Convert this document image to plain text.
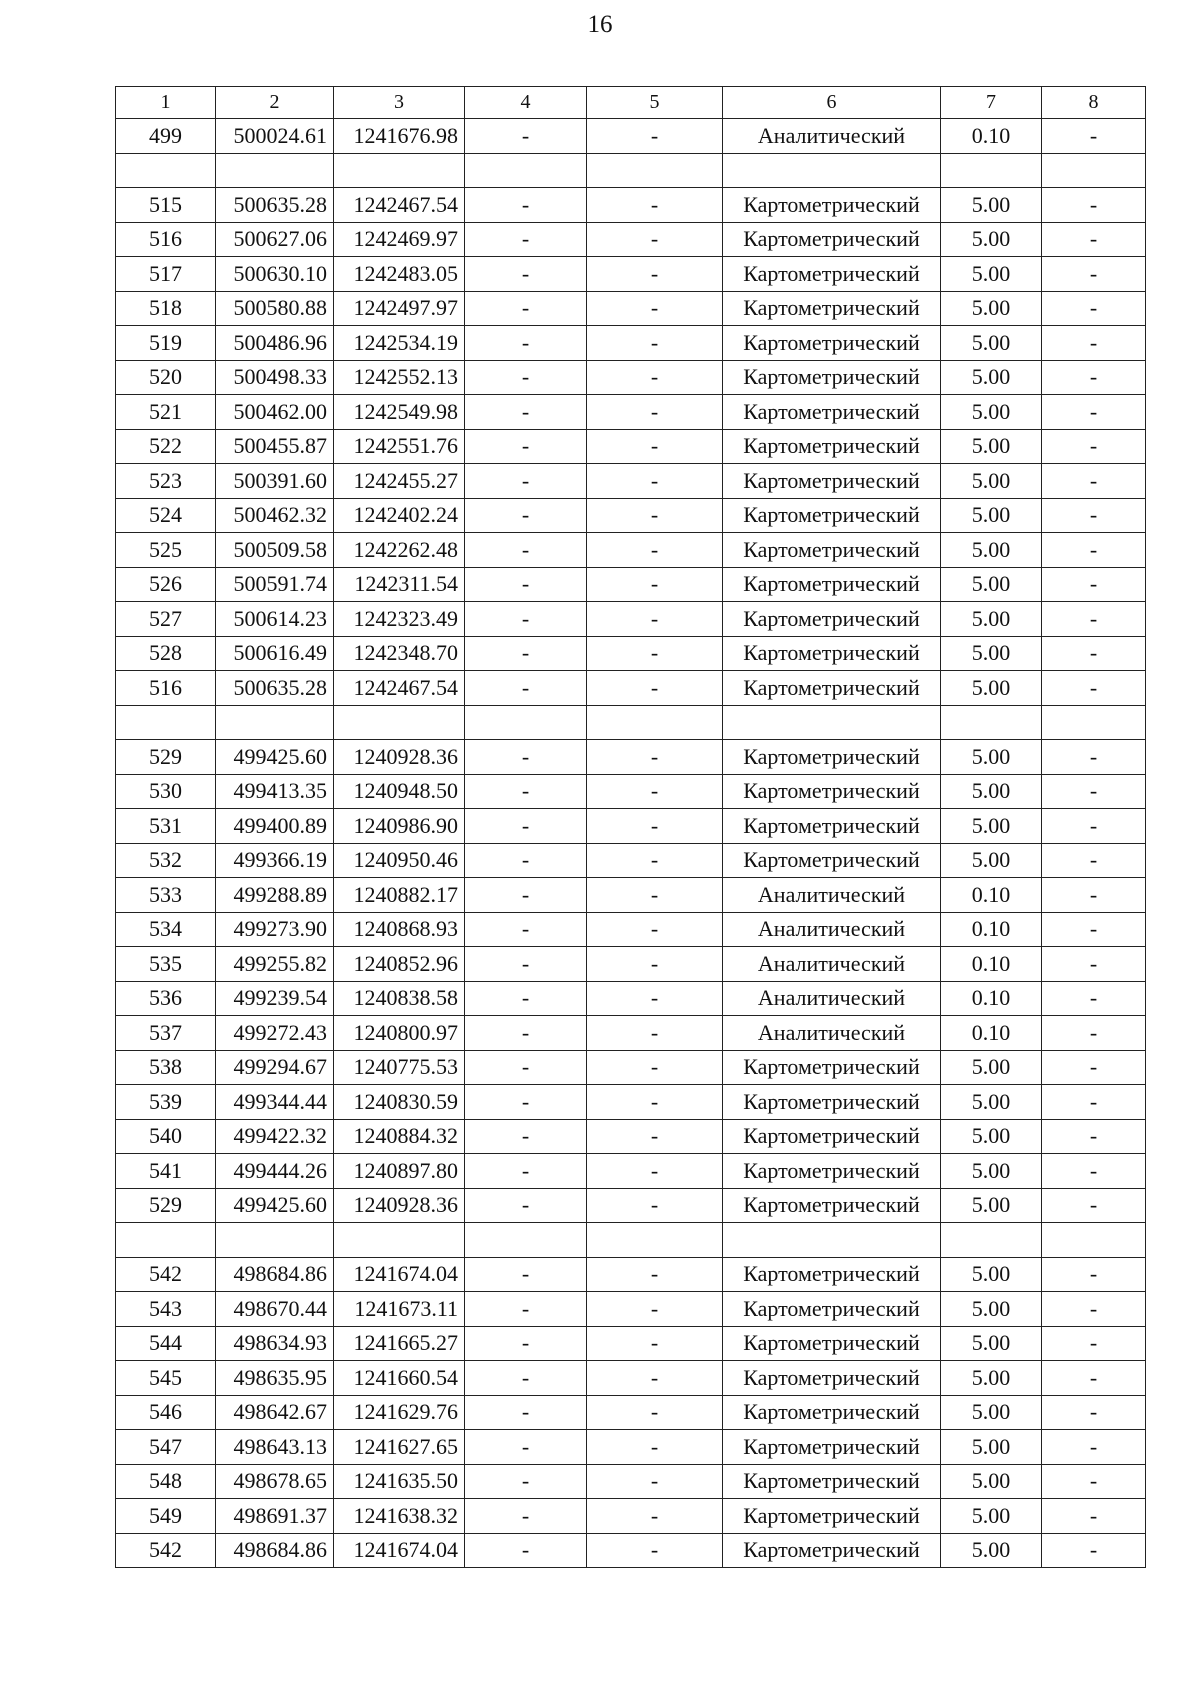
16
1	2	3	4	5	6	7	8
499	500024.61	1241676.98	-	-	Аналитический	0.10	-

515	500635.28	1242467.54	-	-	Картометрический	5.00	-
516	500627.06	1242469.97	-	-	Картометрический	5.00	-
517	500630.10	1242483.05	-	-	Картометрический	5.00	-
518	500580.88	1242497.97	-	-	Картометрический	5.00	-
519	500486.96	1242534.19	-	-	Картометрический	5.00	-
520	500498.33	1242552.13	-	-	Картометрический	5.00	-
521	500462.00	1242549.98	-	-	Картометрический	5.00	-
522	500455.87	1242551.76	-	-	Картометрический	5.00	-
523	500391.60	1242455.27	-	-	Картометрический	5.00	-
524	500462.32	1242402.24	-	-	Картометрический	5.00	-
525	500509.58	1242262.48	-	-	Картометрический	5.00	-
526	500591.74	1242311.54	-	-	Картометрический	5.00	-
527	500614.23	1242323.49	-	-	Картометрический	5.00	-
528	500616.49	1242348.70	-	-	Картометрический	5.00	-
516	500635.28	1242467.54	-	-	Картометрический	5.00	-

529	499425.60	1240928.36	-	-	Картометрический	5.00	-
530	499413.35	1240948.50	-	-	Картометрический	5.00	-
531	499400.89	1240986.90	-	-	Картометрический	5.00	-
532	499366.19	1240950.46	-	-	Картометрический	5.00	-
533	499288.89	1240882.17	-	-	Аналитический	0.10	-
534	499273.90	1240868.93	-	-	Аналитический	0.10	-
535	499255.82	1240852.96	-	-	Аналитический	0.10	-
536	499239.54	1240838.58	-	-	Аналитический	0.10	-
537	499272.43	1240800.97	-	-	Аналитический	0.10	-
538	499294.67	1240775.53	-	-	Картометрический	5.00	-
539	499344.44	1240830.59	-	-	Картометрический	5.00	-
540	499422.32	1240884.32	-	-	Картометрический	5.00	-
541	499444.26	1240897.80	-	-	Картометрический	5.00	-
529	499425.60	1240928.36	-	-	Картометрический	5.00	-

542	498684.86	1241674.04	-	-	Картометрический	5.00	-
543	498670.44	1241673.11	-	-	Картометрический	5.00	-
544	498634.93	1241665.27	-	-	Картометрический	5.00	-
545	498635.95	1241660.54	-	-	Картометрический	5.00	-
546	498642.67	1241629.76	-	-	Картометрический	5.00	-
547	498643.13	1241627.65	-	-	Картометрический	5.00	-
548	498678.65	1241635.50	-	-	Картометрический	5.00	-
549	498691.37	1241638.32	-	-	Картометрический	5.00	-
542	498684.86	1241674.04	-	-	Картометрический	5.00	-
